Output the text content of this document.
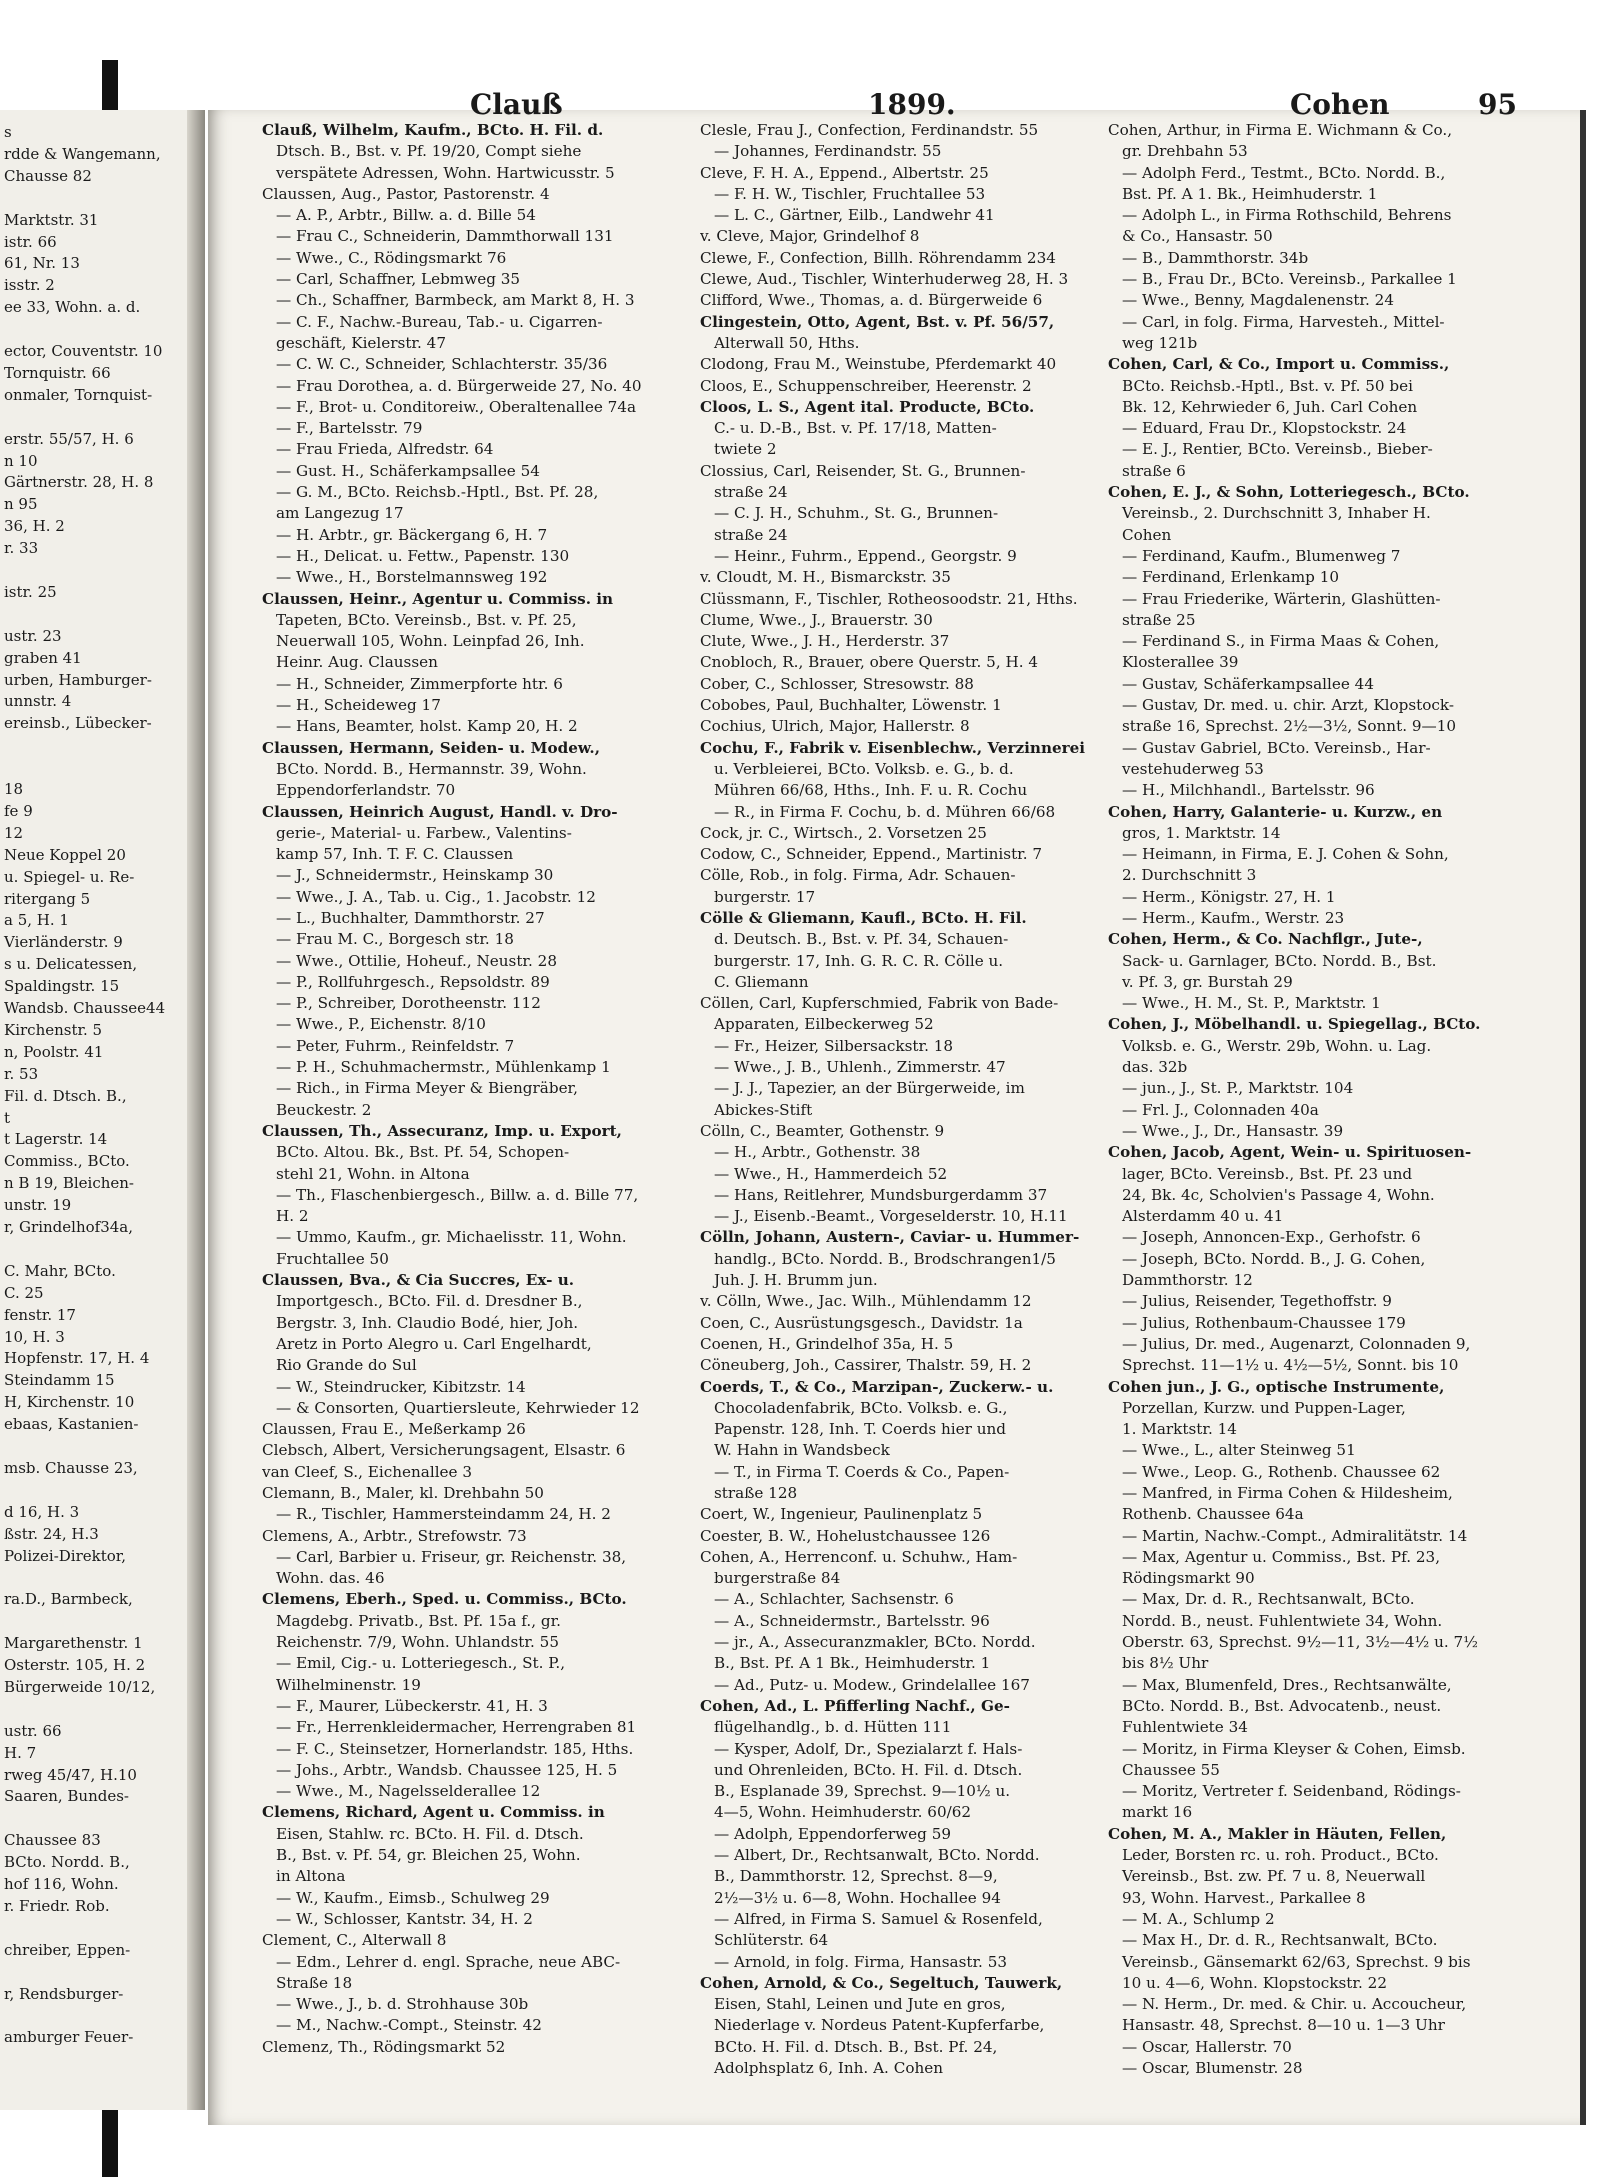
s
rdde & Wangemann,
Chausse 82
Marktstr. 31
istr. 66
61, Nr. 13
isstr. 2
ee 33, Wohn. a. d.
ector, Couventstr. 10
Tornquistr. 66
onmaler, Tornquist-
erstr. 55/57, H. 6
n 10
Gärtnerstr. 28, H. 8
n 95
36, H. 2
r. 33
istr. 25
ustr. 23
graben 41
urben, Hamburger-
unnstr. 4
ereinsb., Lübecker-
18
fe 9
12
Neue Koppel 20
u. Spiegel- u. Re-
ritergang 5
a 5, H. 1
Vierländerstr. 9
s u. Delicatessen,
Spaldingstr. 15
Wandsb. Chaussee44
Kirchenstr. 5
n, Poolstr. 41
r. 53
Fil. d. Dtsch. B.,
t
t Lagerstr. 14
Commiss., BCto.
n B 19, Bleichen-
unstr. 19
r, Grindelhof34a,
C. Mahr, BCto.
C. 25
fenstr. 17
10, H. 3
Hopfenstr. 17, H. 4
Steindamm 15
H, Kirchenstr. 10
ebaas, Kastanien-
msb. Chausse 23,
d 16, H. 3
ßstr. 24, H.3
Polizei-Direktor,
ra.D., Barmbeck,
Margarethenstr. 1
Osterstr. 105, H. 2
Bürgerweide 10/12,
ustr. 66
H. 7
rweg 45/47, H.10
Saaren, Bundes-
Chaussee 83
BCto. Nordd. B.,
hof 116, Wohn.
r. Friedr. Rob.
chreiber, Eppen-
r, Rendsburger-
amburger Feuer-
Clauß	1899.	Cohen	95
Clauß, Wilhelm, Kaufm., BCto. H. Fil. d.
Dtsch. B., Bst. v. Pf. 19/20, Compt siehe
verspätete Adressen, Wohn. Hartwicusstr. 5
Claussen, Aug., Pastor, Pastorenstr. 4
— A. P., Arbtr., Billw. a. d. Bille 54
— Frau C., Schneiderin, Dammthorwall 131
— Wwe., C., Rödingsmarkt 76
— Carl, Schaffner, Lebmweg 35
— Ch., Schaffner, Barmbeck, am Markt 8, H. 3
— C. F., Nachw.-Bureau, Tab.- u. Cigarren-
geschäft, Kielerstr. 47
— C. W. C., Schneider, Schlachterstr. 35/36
— Frau Dorothea, a. d. Bürgerweide 27, No. 40
— F., Brot- u. Conditoreiw., Oberaltenallee 74a
— F., Bartelsstr. 79
— Frau Frieda, Alfredstr. 64
— Gust. H., Schäferkampsallee 54
— G. M., BCto. Reichsb.-Hptl., Bst. Pf. 28,
am Langezug 17
— H. Arbtr., gr. Bäckergang 6, H. 7
— H., Delicat. u. Fettw., Papenstr. 130
— Wwe., H., Borstelmannsweg 192
Claussen, Heinr., Agentur u. Commiss. in
Tapeten, BCto. Vereinsb., Bst. v. Pf. 25,
Neuerwall 105, Wohn. Leinpfad 26, Inh.
Heinr. Aug. Claussen
— H., Schneider, Zimmerpforte htr. 6
— H., Scheideweg 17
— Hans, Beamter, holst. Kamp 20, H. 2
Claussen, Hermann, Seiden- u. Modew.,
BCto. Nordd. B., Hermannstr. 39, Wohn.
Eppendorferlandstr. 70
Claussen, Heinrich August, Handl. v. Dro-
gerie-, Material- u. Farbew., Valentins-
kamp 57, Inh. T. F. C. Claussen
— J., Schneidermstr., Heinskamp 30
— Wwe., J. A., Tab. u. Cig., 1. Jacobstr. 12
— L., Buchhalter, Dammthorstr. 27
— Frau M. C., Borgesch str. 18
— Wwe., Ottilie, Hoheuf., Neustr. 28
— P., Rollfuhrgesch., Repsoldstr. 89
— P., Schreiber, Dorotheenstr. 112
— Wwe., P., Eichenstr. 8/10
— Peter, Fuhrm., Reinfeldstr. 7
— P. H., Schuhmachermstr., Mühlenkamp 1
— Rich., in Firma Meyer & Biengräber,
Beuckestr. 2
Claussen, Th., Assecuranz, Imp. u. Export,
BCto. Altou. Bk., Bst. Pf. 54, Schopen-
stehl 21, Wohn. in Altona
— Th., Flaschenbiergesch., Billw. a. d. Bille 77,
H. 2
— Ummo, Kaufm., gr. Michaelisstr. 11, Wohn.
Fruchtallee 50
Claussen, Bva., & Cia Succres, Ex- u.
Importgesch., BCto. Fil. d. Dresdner B.,
Bergstr. 3, Inh. Claudio Bodé, hier, Joh.
Aretz in Porto Alegro u. Carl Engelhardt,
Rio Grande do Sul
— W., Steindrucker, Kibitzstr. 14
— & Consorten, Quartiersleute, Kehrwieder 12
Claussen, Frau E., Meßerkamp 26
Clebsch, Albert, Versicherungsagent, Elsastr. 6
van Cleef, S., Eichenallee 3
Clemann, B., Maler, kl. Drehbahn 50
— R., Tischler, Hammersteindamm 24, H. 2
Clemens, A., Arbtr., Strefowstr. 73
— Carl, Barbier u. Friseur, gr. Reichenstr. 38,
Wohn. das. 46
Clemens, Eberh., Sped. u. Commiss., BCto.
Magdebg. Privatb., Bst. Pf. 15a f., gr.
Reichenstr. 7/9, Wohn. Uhlandstr. 55
— Emil, Cig.- u. Lotteriegesch., St. P.,
Wilhelminenstr. 19
— F., Maurer, Lübeckerstr. 41, H. 3
— Fr., Herrenkleidermacher, Herrengraben 81
— F. C., Steinsetzer, Hornerlandstr. 185, Hths.
— Johs., Arbtr., Wandsb. Chaussee 125, H. 5
— Wwe., M., Nagelsselderallee 12
Clemens, Richard, Agent u. Commiss. in
Eisen, Stahlw. rc. BCto. H. Fil. d. Dtsch.
B., Bst. v. Pf. 54, gr. Bleichen 25, Wohn.
in Altona
— W., Kaufm., Eimsb., Schulweg 29
— W., Schlosser, Kantstr. 34, H. 2
Clement, C., Alterwall 8
— Edm., Lehrer d. engl. Sprache, neue ABC-
Straße 18
— Wwe., J., b. d. Strohhause 30b
— M., Nachw.-Compt., Steinstr. 42
Clemenz, Th., Rödingsmarkt 52
Clesle, Frau J., Confection, Ferdinandstr. 55
— Johannes, Ferdinandstr. 55
Cleve, F. H. A., Eppend., Albertstr. 25
— F. H. W., Tischler, Fruchtallee 53
— L. C., Gärtner, Eilb., Landwehr 41
v. Cleve, Major, Grindelhof 8
Clewe, F., Confection, Billh. Röhrendamm 234
Clewe, Aud., Tischler, Winterhuderweg 28, H. 3
Clifford, Wwe., Thomas, a. d. Bürgerweide 6
Clingestein, Otto, Agent, Bst. v. Pf. 56/57,
Alterwall 50, Hths.
Clodong, Frau M., Weinstube, Pferdemarkt 40
Cloos, E., Schuppenschreiber, Heerenstr. 2
Cloos, L. S., Agent ital. Producte, BCto.
C.- u. D.-B., Bst. v. Pf. 17/18, Matten-
twiete 2
Clossius, Carl, Reisender, St. G., Brunnen-
straße 24
— C. J. H., Schuhm., St. G., Brunnen-
straße 24
— Heinr., Fuhrm., Eppend., Georgstr. 9
v. Cloudt, M. H., Bismarckstr. 35
Clüssmann, F., Tischler, Rotheosoodstr. 21, Hths.
Clume, Wwe., J., Brauerstr. 30
Clute, Wwe., J. H., Herderstr. 37
Cnobloch, R., Brauer, obere Querstr. 5, H. 4
Cober, C., Schlosser, Stresowstr. 88
Cobobes, Paul, Buchhalter, Löwenstr. 1
Cochius, Ulrich, Major, Hallerstr. 8
Cochu, F., Fabrik v. Eisenblechw., Verzinnerei
u. Verbleierei, BCto. Volksb. e. G., b. d.
Mühren 66/68, Hths., Inh. F. u. R. Cochu
— R., in Firma F. Cochu, b. d. Mühren 66/68
Cock, jr. C., Wirtsch., 2. Vorsetzen 25
Codow, C., Schneider, Eppend., Martinistr. 7
Cölle, Rob., in folg. Firma, Adr. Schauen-
burgerstr. 17
Cölle & Gliemann, Kaufl., BCto. H. Fil.
d. Deutsch. B., Bst. v. Pf. 34, Schauen-
burgerstr. 17, Inh. G. R. C. R. Cölle u.
C. Gliemann
Cöllen, Carl, Kupferschmied, Fabrik von Bade-
Apparaten, Eilbeckerweg 52
— Fr., Heizer, Silbersackstr. 18
— Wwe., J. B., Uhlenh., Zimmerstr. 47
— J. J., Tapezier, an der Bürgerweide, im
Abickes-Stift
Cölln, C., Beamter, Gothenstr. 9
— H., Arbtr., Gothenstr. 38
— Wwe., H., Hammerdeich 52
— Hans, Reitlehrer, Mundsburgerdamm 37
— J., Eisenb.-Beamt., Vorgeselderstr. 10, H.11
Cölln, Johann, Austern-, Caviar- u. Hummer-
handlg., BCto. Nordd. B., Brodschrangen1/5
Juh. J. H. Brumm jun.
v. Cölln, Wwe., Jac. Wilh., Mühlendamm 12
Coen, C., Ausrüstungsgesch., Davidstr. 1a
Coenen, H., Grindelhof 35a, H. 5
Cöneuberg, Joh., Cassirer, Thalstr. 59, H. 2
Coerds, T., & Co., Marzipan-, Zuckerw.- u.
Chocoladenfabrik, BCto. Volksb. e. G.,
Papenstr. 128, Inh. T. Coerds hier und
W. Hahn in Wandsbeck
— T., in Firma T. Coerds & Co., Papen-
straße 128
Coert, W., Ingenieur, Paulinenplatz 5
Coester, B. W., Hohelustchaussee 126
Cohen, A., Herrenconf. u. Schuhw., Ham-
burgerstraße 84
— A., Schlachter, Sachsenstr. 6
— A., Schneidermstr., Bartelsstr. 96
— jr., A., Assecuranzmakler, BCto. Nordd.
B., Bst. Pf. A 1 Bk., Heimhuderstr. 1
— Ad., Putz- u. Modew., Grindelallee 167
Cohen, Ad., L. Pfifferling Nachf., Ge-
flügelhandlg., b. d. Hütten 111
— Kysper, Adolf, Dr., Spezialarzt f. Hals-
und Ohrenleiden, BCto. H. Fil. d. Dtsch.
B., Esplanade 39, Sprechst. 9—10½ u.
4—5, Wohn. Heimhuderstr. 60/62
— Adolph, Eppendorferweg 59
— Albert, Dr., Rechtsanwalt, BCto. Nordd.
B., Dammthorstr. 12, Sprechst. 8—9,
2½—3½ u. 6—8, Wohn. Hochallee 94
— Alfred, in Firma S. Samuel & Rosenfeld,
Schlüterstr. 64
— Arnold, in folg. Firma, Hansastr. 53
Cohen, Arnold, & Co., Segeltuch, Tauwerk,
Eisen, Stahl, Leinen und Jute en gros,
Niederlage v. Nordeus Patent-Kupferfarbe,
BCto. H. Fil. d. Dtsch. B., Bst. Pf. 24,
Adolphsplatz 6, Inh. A. Cohen
Cohen, Arthur, in Firma E. Wichmann & Co.,
gr. Drehbahn 53
— Adolph Ferd., Testmt., BCto. Nordd. B.,
Bst. Pf. A 1. Bk., Heimhuderstr. 1
— Adolph L., in Firma Rothschild, Behrens
& Co., Hansastr. 50
— B., Dammthorstr. 34b
— B., Frau Dr., BCto. Vereinsb., Parkallee 1
— Wwe., Benny, Magdalenenstr. 24
— Carl, in folg. Firma, Harvesteh., Mittel-
weg 121b
Cohen, Carl, & Co., Import u. Commiss.,
BCto. Reichsb.-Hptl., Bst. v. Pf. 50 bei
Bk. 12, Kehrwieder 6, Juh. Carl Cohen
— Eduard, Frau Dr., Klopstockstr. 24
— E. J., Rentier, BCto. Vereinsb., Bieber-
straße 6
Cohen, E. J., & Sohn, Lotteriegesch., BCto.
Vereinsb., 2. Durchschnitt 3, Inhaber H.
Cohen
— Ferdinand, Kaufm., Blumenweg 7
— Ferdinand, Erlenkamp 10
— Frau Friederike, Wärterin, Glashütten-
straße 25
— Ferdinand S., in Firma Maas & Cohen,
Klosterallee 39
— Gustav, Schäferkampsallee 44
— Gustav, Dr. med. u. chir. Arzt, Klopstock-
straße 16, Sprechst. 2½—3½, Sonnt. 9—10
— Gustav Gabriel, BCto. Vereinsb., Har-
vestehuderweg 53
— H., Milchhandl., Bartelsstr. 96
Cohen, Harry, Galanterie- u. Kurzw., en
gros, 1. Marktstr. 14
— Heimann, in Firma, E. J. Cohen & Sohn,
2. Durchschnitt 3
— Herm., Königstr. 27, H. 1
— Herm., Kaufm., Werstr. 23
Cohen, Herm., & Co. Nachflgr., Jute-,
Sack- u. Garnlager, BCto. Nordd. B., Bst.
v. Pf. 3, gr. Burstah 29
— Wwe., H. M., St. P., Marktstr. 1
Cohen, J., Möbelhandl. u. Spiegellag., BCto.
Volksb. e. G., Werstr. 29b, Wohn. u. Lag.
das. 32b
— jun., J., St. P., Marktstr. 104
— Frl. J., Colonnaden 40a
— Wwe., J., Dr., Hansastr. 39
Cohen, Jacob, Agent, Wein- u. Spirituosen-
lager, BCto. Vereinsb., Bst. Pf. 23 und
24, Bk. 4c, Scholvien's Passage 4, Wohn.
Alsterdamm 40 u. 41
— Joseph, Annoncen-Exp., Gerhofstr. 6
— Joseph, BCto. Nordd. B., J. G. Cohen,
Dammthorstr. 12
— Julius, Reisender, Tegethoffstr. 9
— Julius, Rothenbaum-Chaussee 179
— Julius, Dr. med., Augenarzt, Colonnaden 9,
Sprechst. 11—1½ u. 4½—5½, Sonnt. bis 10
Cohen jun., J. G., optische Instrumente,
Porzellan, Kurzw. und Puppen-Lager,
1. Marktstr. 14
— Wwe., L., alter Steinweg 51
— Wwe., Leop. G., Rothenb. Chaussee 62
— Manfred, in Firma Cohen & Hildesheim,
Rothenb. Chaussee 64a
— Martin, Nachw.-Compt., Admiralitätstr. 14
— Max, Agentur u. Commiss., Bst. Pf. 23,
Rödingsmarkt 90
— Max, Dr. d. R., Rechtsanwalt, BCto.
Nordd. B., neust. Fuhlentwiete 34, Wohn.
Oberstr. 63, Sprechst. 9½—11, 3½—4½ u. 7½
bis 8½ Uhr
— Max, Blumenfeld, Dres., Rechtsanwälte,
BCto. Nordd. B., Bst. Advocatenb., neust.
Fuhlentwiete 34
— Moritz, in Firma Kleyser & Cohen, Eimsb.
Chaussee 55
— Moritz, Vertreter f. Seidenband, Rödings-
markt 16
Cohen, M. A., Makler in Häuten, Fellen,
Leder, Borsten rc. u. roh. Product., BCto.
Vereinsb., Bst. zw. Pf. 7 u. 8, Neuerwall
93, Wohn. Harvest., Parkallee 8
— M. A., Schlump 2
— Max H., Dr. d. R., Rechtsanwalt, BCto.
Vereinsb., Gänsemarkt 62/63, Sprechst. 9 bis
10 u. 4—6, Wohn. Klopstockstr. 22
— N. Herm., Dr. med. & Chir. u. Accoucheur,
Hansastr. 48, Sprechst. 8—10 u. 1—3 Uhr
— Oscar, Hallerstr. 70
— Oscar, Blumenstr. 28
